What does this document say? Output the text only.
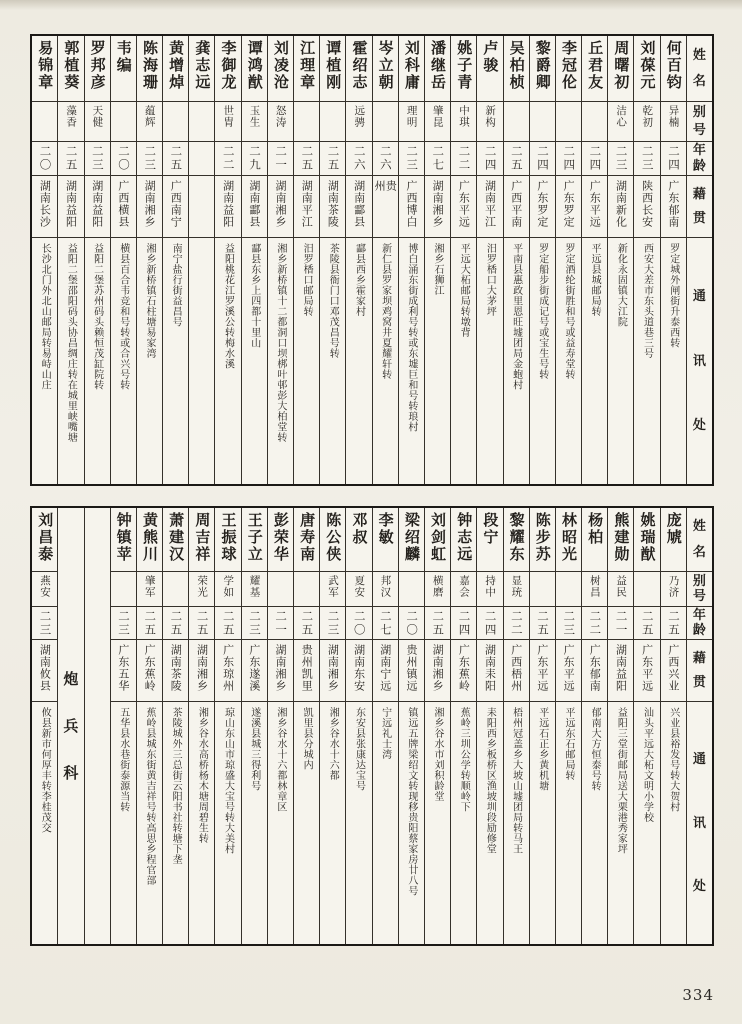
姓
名
别
号
年
龄
藉
贯
通
讯
处
何百钧
异楠
二四
广东郁南
罗定城外闸街升泰西转
刘葆元
乾初
二三
陕西长安
西安大差市东头道巷三号
周曙初
洁心
二三
湖南新化
新化永固镇大江院
丘君友
二四
广东平远
平远县城邮局转
李冠伦
二四
广东罗定
罗定酒纶街胜和号或益寿堂转
黎爵卿
二四
广东罗定
罗定船步街成记号或宝生号转
吴柏桢
二五
广西平南
平南县惠政里恩旺墟团局金蚫村
卢骏
新构
二四
湖南平江
汨罗楿口大茅坪
姚子青
中琪
二二
广东平远
平远大柘邮局转墩背
潘继岳
肇昆
二七
湖南湘乡
湘乡石狮江
刘科庸
理明
二三
广西博白
博白涌东街成利号转或东墟巨和号转琅村
岑立朝
二六
贵州
新仁县罗家坝鸡窝井夏耀轩转
霍绍志
远骋
二六
湖南酃县
酃县西乡霍家村
谭植刚
二五
湖南茶陵
茶陵县衙门口邓茂昌号转
江理章
二五
湖南平江
汨罗楿口邮局转
刘凌沧
怒涛
二一
湖南湘乡
湘乡新桥镇十二都洞口坝梆叶邨彭大柏堂转
谭鸿猷
玉生
二九
湖南酃县
酃县东乡上四都十里山
李御龙
世胄
二二
湖南益阳
益阳桃花江罗溪公转梅水溪
龚志远
黄增焯
二五
广西南宁
南宁盐行街益昌号
陈海珊
蕴辉
二三
湖南湘乡
湘乡新桥镇石柱塘易家湾
韦编
二〇
广西横县
横县百合韦竞和号转或合兴号转
罗邦彦
天健
二三
湖南益阳
益阳二堡苏州码头赖恒茂缸院转
郭植葵
藻香
二五
湖南益阳
益阳二堡邵阳码头协昌绸庄转在城里峡嘴塘
易锦章
二〇
湖南长沙
长沙北门外北山邮局转易峙山庄
姓
名
别
号
年
龄
藉
贯
通
讯
处
庞虓
乃济
二五
广西兴业
兴业县裕发号转大贺村
姚瑞猷
二五
广东平远
汕头平远大柘文明小学校
熊建勋
益民
二一
湖南益阳
益阳三堂街邮局送大栗港秀家坪
杨柏
树昌
二二
广东郁南
郁南大方恒泰号转
林昭光
二三
广东平远
平远东石邮局转
陈步苏
二五
广东平远
平远石正乡黄机塘
黎耀东
显珫
二二
广西梧州
梧州冠盖乡大坡山墟团局转马王
段宁
持中
二四
湖南耒阳
耒阳西乡板桥区渔坡圳段励修堂
钟志远
嘉会
二四
广东蕉岭
蕉岭三圳公学转顺岭下
刘剑虹
横磨
二五
湖南湘乡
湘乡谷水市刘积龄堂
梁绍麟
二〇
贵州镇远
镇远五牌梁绍文转现移贵阳蔡家房廿八号
李敏
邦汉
二七
湖南宁远
宁远礼士湾
邓叔
夏安
二〇
湖南东安
东安县张康达宝号
陈公侠
武军
二三
湖南湘乡
湘乡谷水十六都
唐寿南
二五
贵州凯里
凯里县分城内
彭荣华
二一
湖南湘乡
湘乡谷水十六都林章区
王子立
耀基
二三
广东遂溪
遂溪县城三得利号
王振球
学如
二五
广东琼州
琼山东山市琼盛大宝号转大美村
周吉祥
荣光
二五
湖南湘乡
湘乡谷水高桥杨木塘周碧生转
萧建汉
二五
湖南茶陵
茶陵城外三总街云阳书社转塘下垄
黄熊川
肇军
二五
广东蕉岭
蕉岭县城东街黄吉祥号转高思乡程官部
钟镇苹
二三
广东五华
五华县水巷街泰源当转
炮
兵
科
刘昌泰
燕安
二三
湖南攸县
攸县新市何厚丰转李桂茂交
334
